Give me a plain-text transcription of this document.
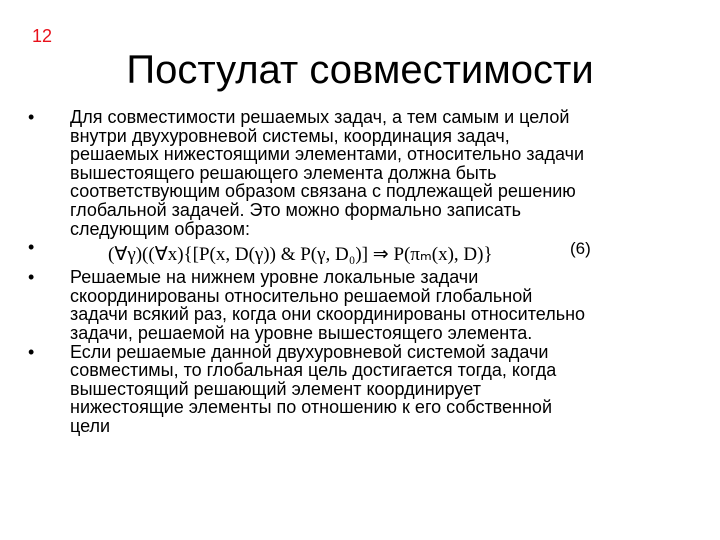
12
Постулат совместимости
• Для совместимости решаемых задач, а тем самым и целой
внутри двухуровневой системы, координация задач,
решаемых нижестоящими элементами, относительно задачи
вышестоящего решающего элемента должна быть
соответствующим образом связана с подлежащей решению
глобальной задачей. Это можно формально записать
следующим образом:
•	(∀γ)((∀x){[P(x, D(γ)) & P(γ, D₀)] ⇒ P(πₘ(x), D)}	(6)
• Решаемые на нижнем уровне локальные задачи
скоординированы относительно решаемой глобальной
задачи всякий раз, когда они скоординированы относительно
задачи, решаемой на уровне вышестоящего элемента.
• Если решаемые данной двухуровневой системой задачи
совместимы, то глобальная цель достигается тогда, когда
вышестоящий решающий элемент координирует
нижестоящие элементы по отношению к его собственной
цели
